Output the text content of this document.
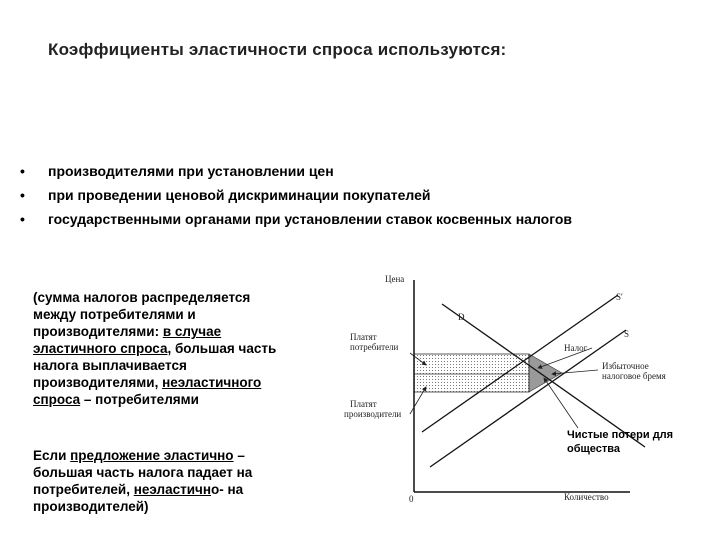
Коэффициенты эластичности спроса используются:
• производителями при установлении цен
• при проведении ценовой дискриминации покупателей
• государственными органами при установлении ставок косвенных налогов
(сумма налогов распределяется
между потребителями и
производителями: в случае
эластичного спроса, большая часть
налога выплачивается
производителями, неэластичного
спроса – потребителями
Если предложение эластично –
большая часть налога падает на
потребителей, неэластично- на
производителей)
Цена
Количество
0
D
S'
S
Платят
потребители
Платят
производители
Налог
Избыточное
налоговое бремя
Чистые потери для
общества
